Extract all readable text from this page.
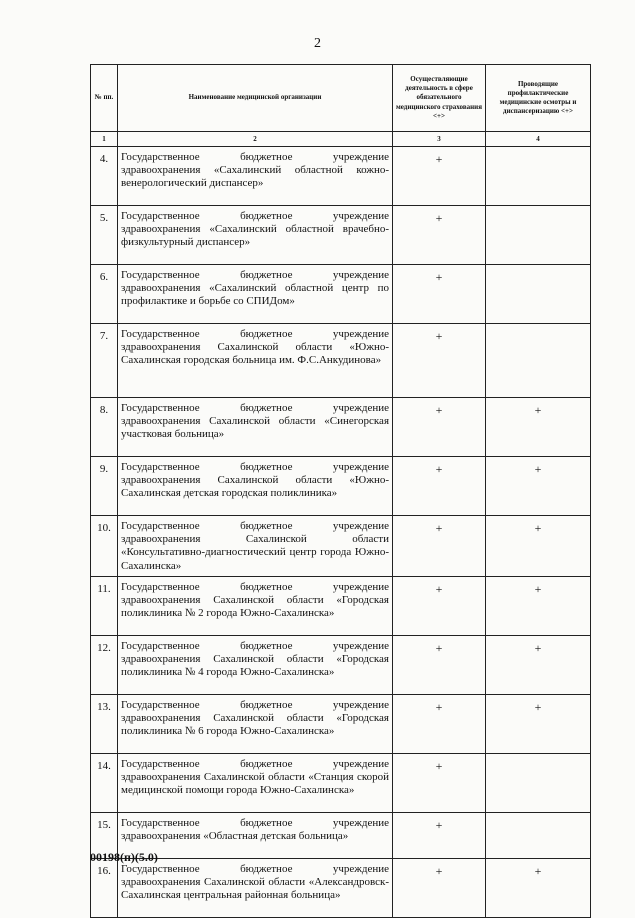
2
№ пп.	Наименование медицинской организации	Осуществляющие деятельность в сфере обязательного медицинского страхования <+>	Проводящие профилактические медицинские осмотры и диспансеризацию <+>
1	2	3	4
4.	Государственное бюджетное учреждение здравоохранения «Сахалинский областной кожно-венерологический диспансер»	+	
5.	Государственное бюджетное учреждение здравоохранения «Сахалинский областной врачебно-физкультурный диспансер»	+	
6.	Государственное бюджетное учреждение здравоохранения «Сахалинский областной центр по профилактике и борьбе со СПИДом»	+	
7.	Государственное бюджетное учреждение здравоохранения Сахалинской области «Южно-Сахалинская городская больница им. Ф.С.Анкудинова»	+	
8.	Государственное бюджетное учреждение здравоохранения Сахалинской области «Синегорская участковая больница»	+	+
9.	Государственное бюджетное учреждение здравоохранения Сахалинской области «Южно-Сахалинская детская городская поликлиника»	+	+
10.	Государственное бюджетное учреждение здравоохранения Сахалинской области «Консультативно-диагностический центр города Южно-Сахалинска»	+	+
11.	Государственное бюджетное учреждение здравоохранения Сахалинской области «Городская поликлиника № 2 города Южно-Сахалинска»	+	+
12.	Государственное бюджетное учреждение здравоохранения Сахалинской области «Городская поликлиника № 4 города Южно-Сахалинска»	+	+
13.	Государственное бюджетное учреждение здравоохранения Сахалинской области «Городская поликлиника № 6 города Южно-Сахалинска»	+	+
14.	Государственное бюджетное учреждение здравоохранения Сахалинской области «Станция скорой медицинской помощи города Южно-Сахалинска»	+	
15.	Государственное бюджетное учреждение здравоохранения «Областная детская больница»	+	
16.	Государственное бюджетное учреждение здравоохранения Сахалинской области «Александровск-Сахалинская центральная районная больница»	+	+
00198(п)(5.0)
